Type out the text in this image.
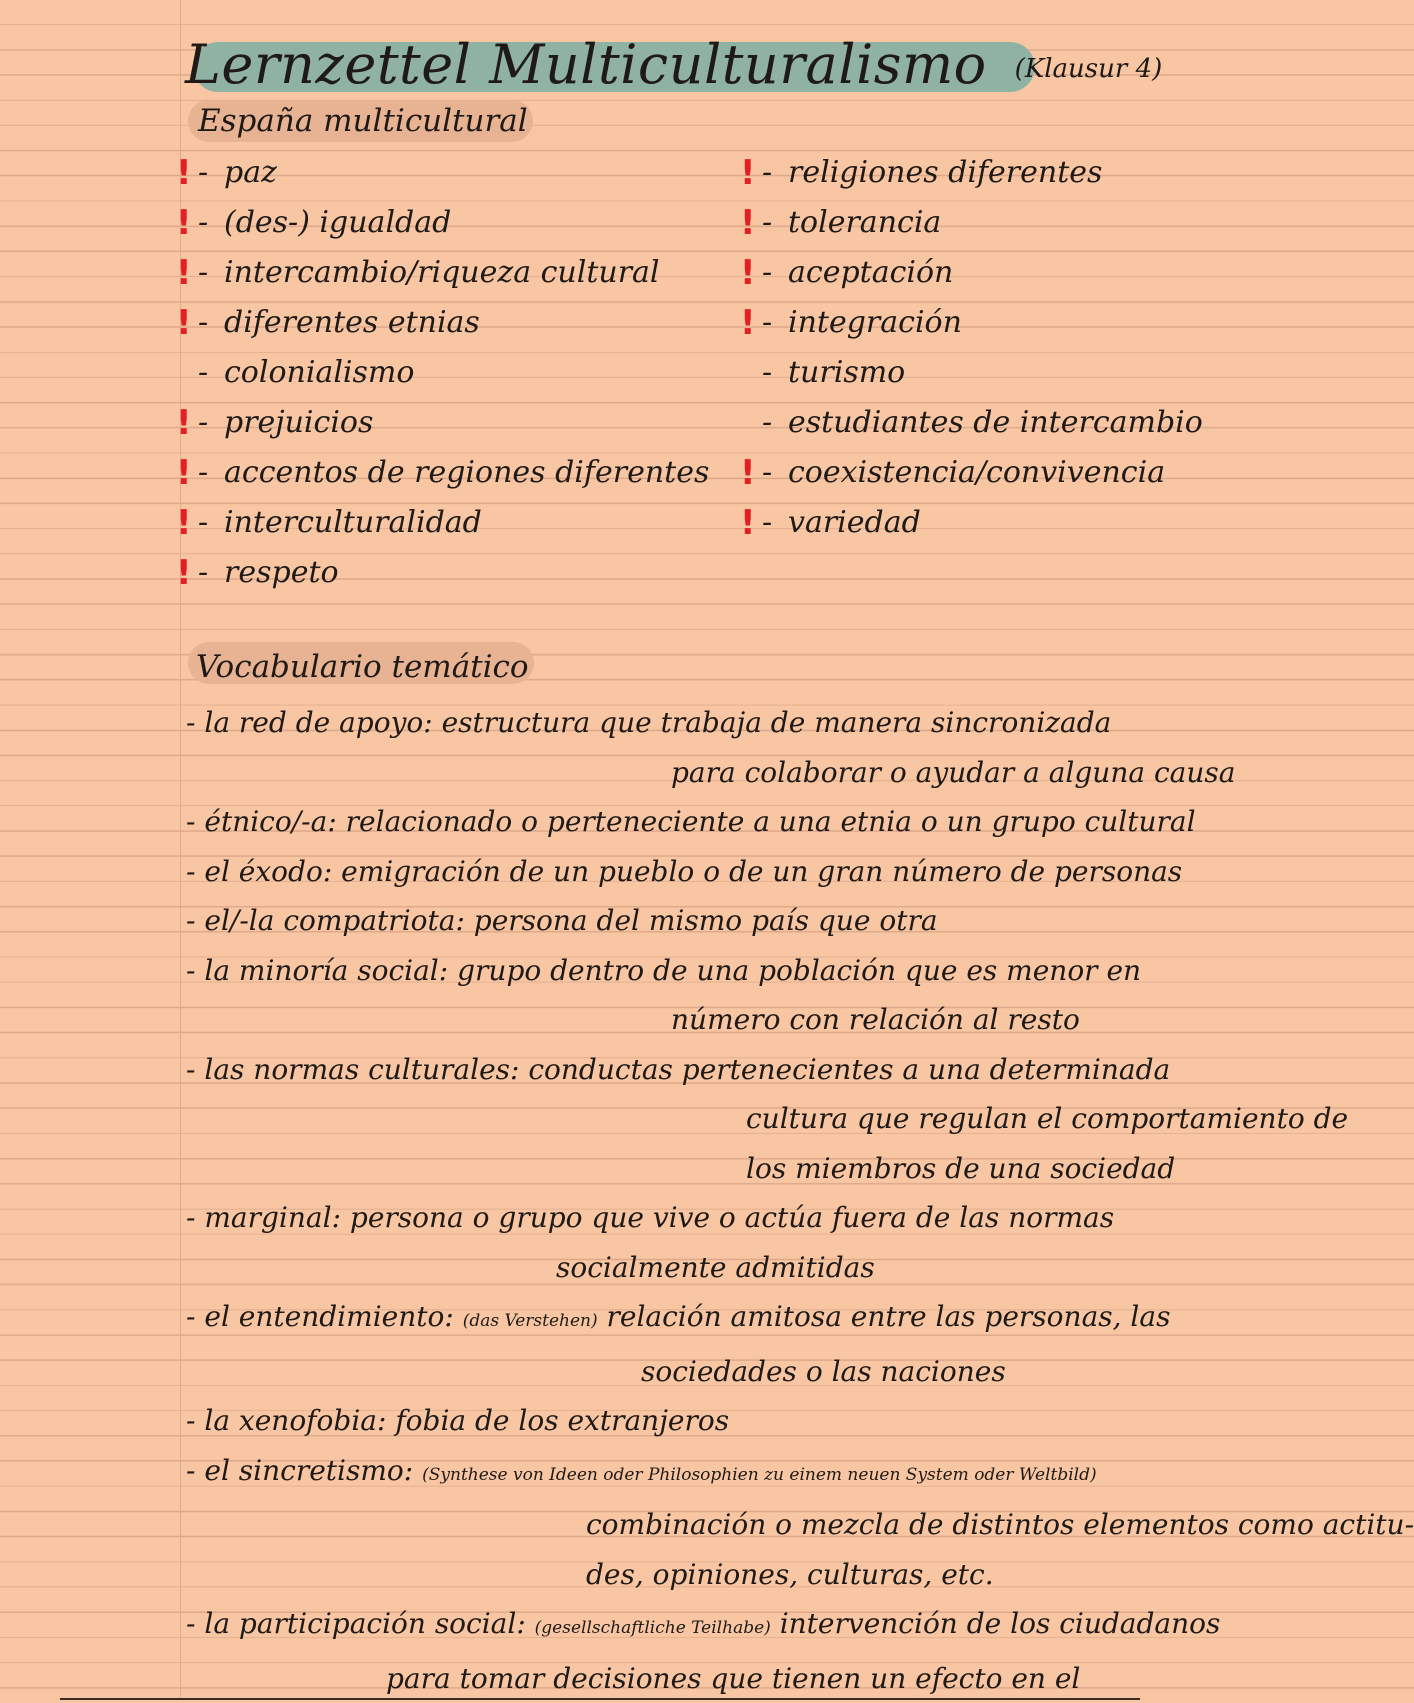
Lernzettel Multiculturalismo (Klausur 4)
España multicultural
! - paz
! - (des-) igualdad
! - intercambio/riqueza cultural
! - diferentes etnias
- colonialismo
! - prejuicios
! - accentos de regiones diferentes
! - interculturalidad
! - respeto
! - religiones diferentes
! - tolerancia
! - aceptación
! - integración
- turismo
- estudiantes de intercambio
! - coexistencia/convivencia
! - variedad
Vocabulario temático
- la red de apoyo: estructura que trabaja de manera sincronizada
para colaborar o ayudar a alguna causa
- étnico/-a: relacionado o perteneciente a una etnia o un grupo cultural
- el éxodo: emigración de un pueblo o de un gran número de personas
- el/-la compatriota: persona del mismo país que otra
- la minoría social: grupo dentro de una población que es menor en
número con relación al resto
- las normas culturales: conductas pertenecientes a una determinada
cultura que regulan el comportamiento de
los miembros de una sociedad
- marginal: persona o grupo que vive o actúa fuera de las normas
socialmente admitidas
- el entendimiento: (das Verstehen) relación amitosa entre las personas, las
sociedades o las naciones
- la xenofobia: fobia de los extranjeros
- el sincretismo: (Synthese von Ideen oder Philosophien zu einem neuen System oder Weltbild)
combinación o mezcla de distintos elementos como actitu-
des, opiniones, culturas, etc.
- la participación social: (gesellschaftliche Teilhabe) intervención de los ciudadanos
para tomar decisiones que tienen un efecto en el
